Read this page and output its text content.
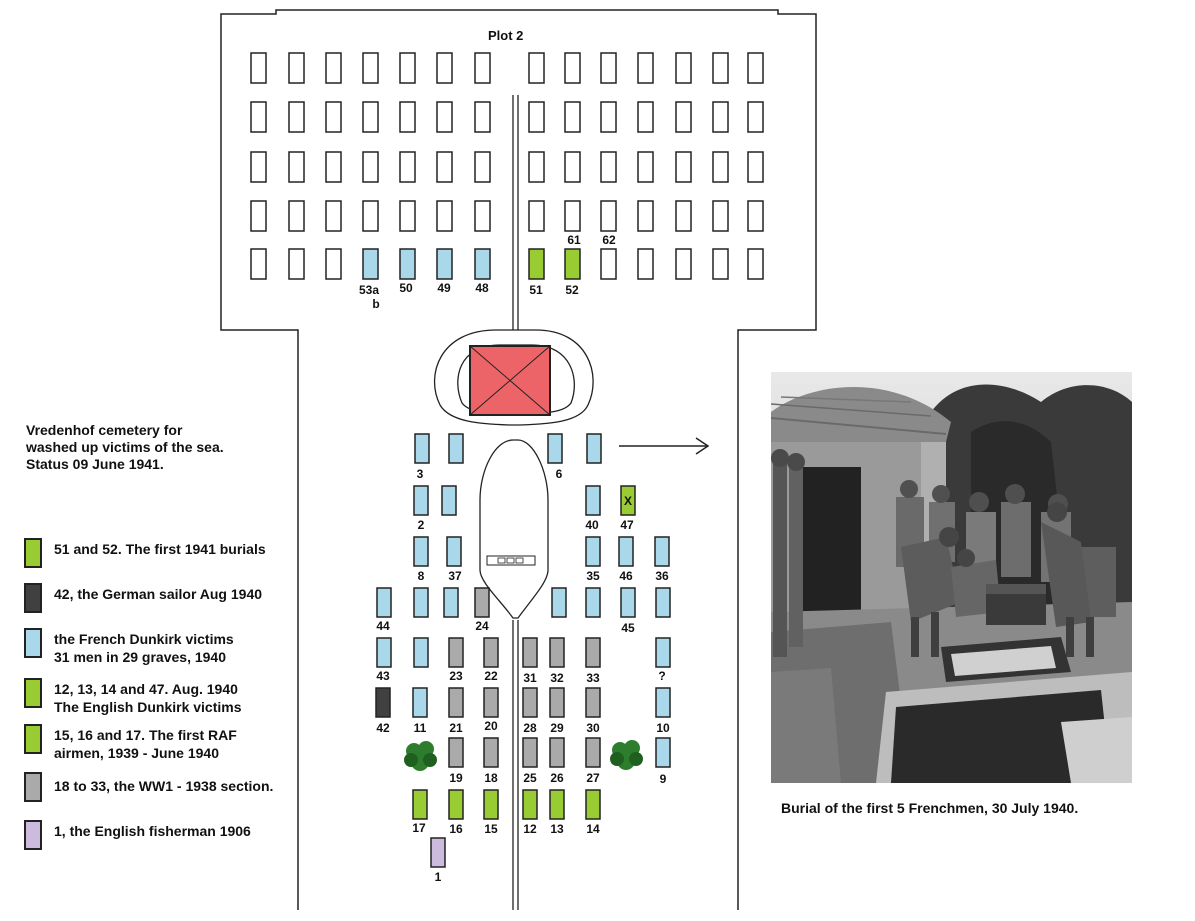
Plot 2
53a
b
50 49 48	51 52
61 62
3	6
2	40
X
47
8 37	35 46 36
44	24	45
43	23 22 31 32 33	?
42 11 21 20 28 29 30	10
19 18 25 26 27	9
17 16 15 12 13 14
1
Vredenhof cemetery for
washed up victims of the sea.
Status 09 June 1941.
51 and 52. The first 1941 burials
42, the German sailor Aug 1940
the French Dunkirk victims
31 men in 29 graves, 1940
12, 13, 14 and 47. Aug. 1940
The English Dunkirk victims
15, 16 and 17. The first RAF
airmen, 1939 - June 1940
18 to 33, the WW1 - 1938 section.
1, the English fisherman 1906
Burial of the first 5 Frenchmen, 30 July 1940.
